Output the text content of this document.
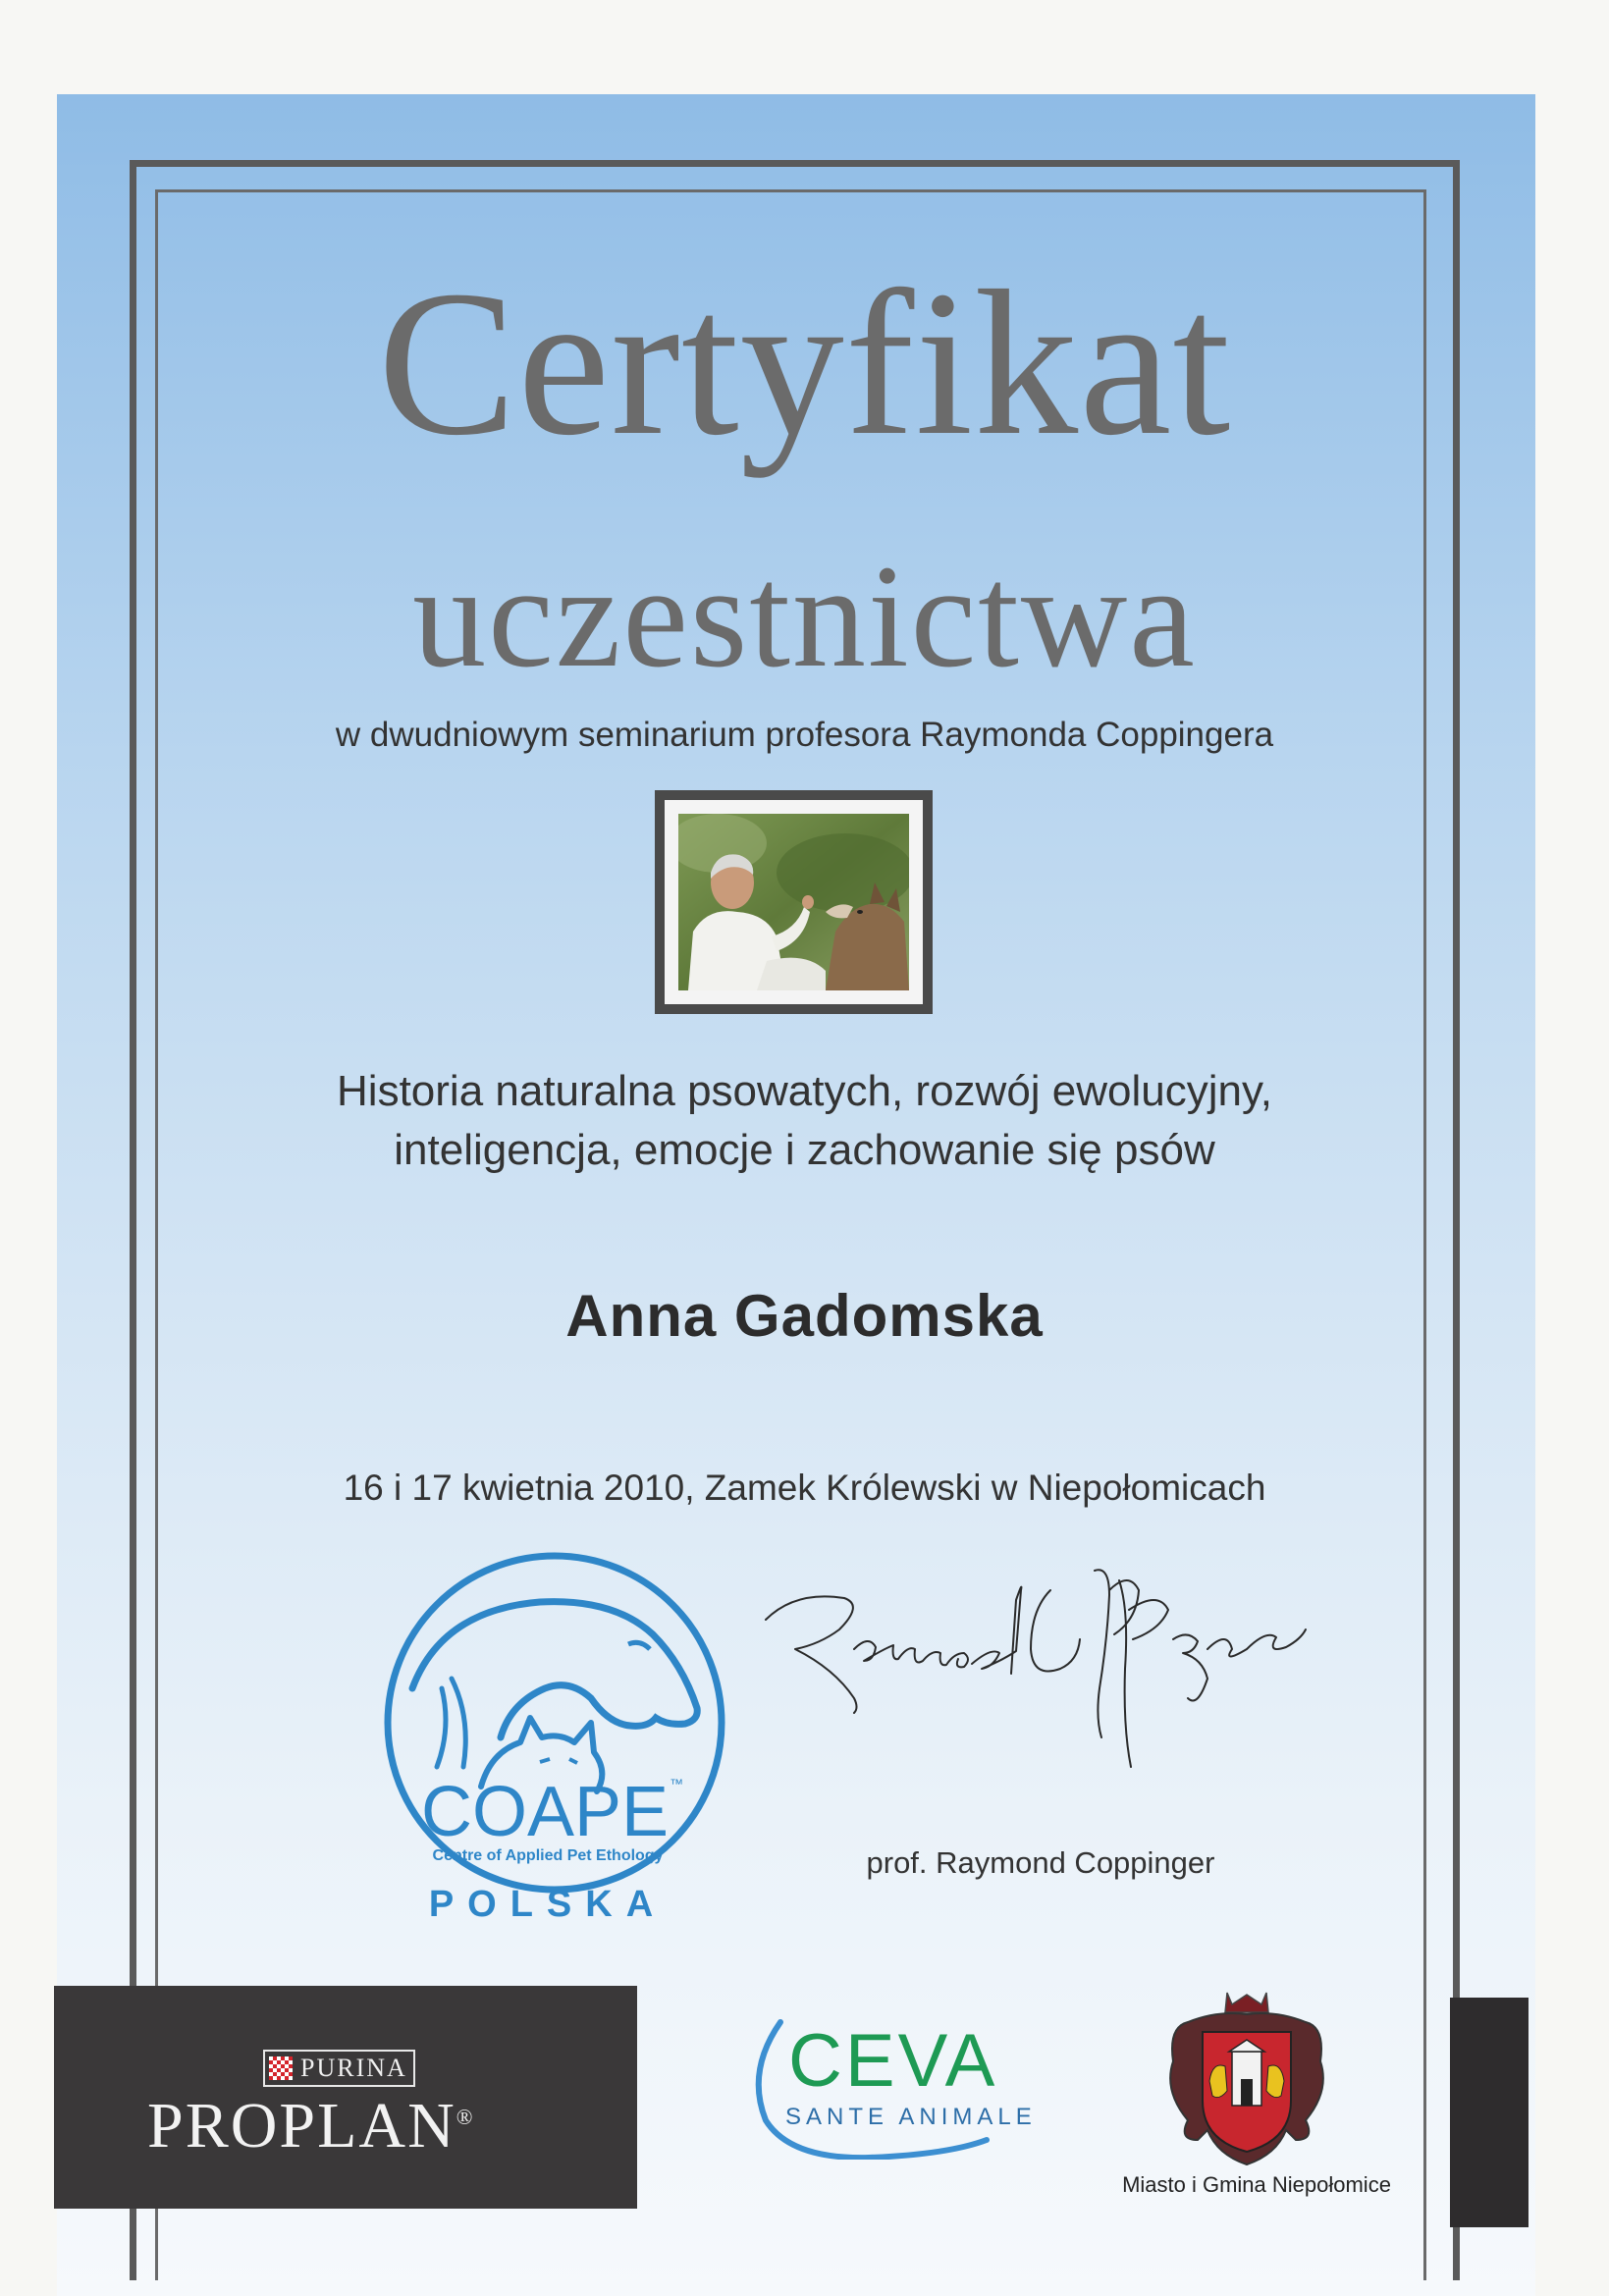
Certyfikat
uczestnictwa
w dwudniowym seminarium profesora Raymonda Coppingera
Historia naturalna psowatych, rozwój ewolucyjny,
inteligencja, emocje i zachowanie się psów
Anna Gadomska
16 i 17 kwietnia 2010, Zamek Królewski w Niepołomicach
COAPE ™
Centre of Applied Pet Ethology
POLSKA
prof. Raymond Coppinger
PURINA
PROPLAN®
CEVA
SANTE ANIMALE
Miasto i Gmina Niepołomice
